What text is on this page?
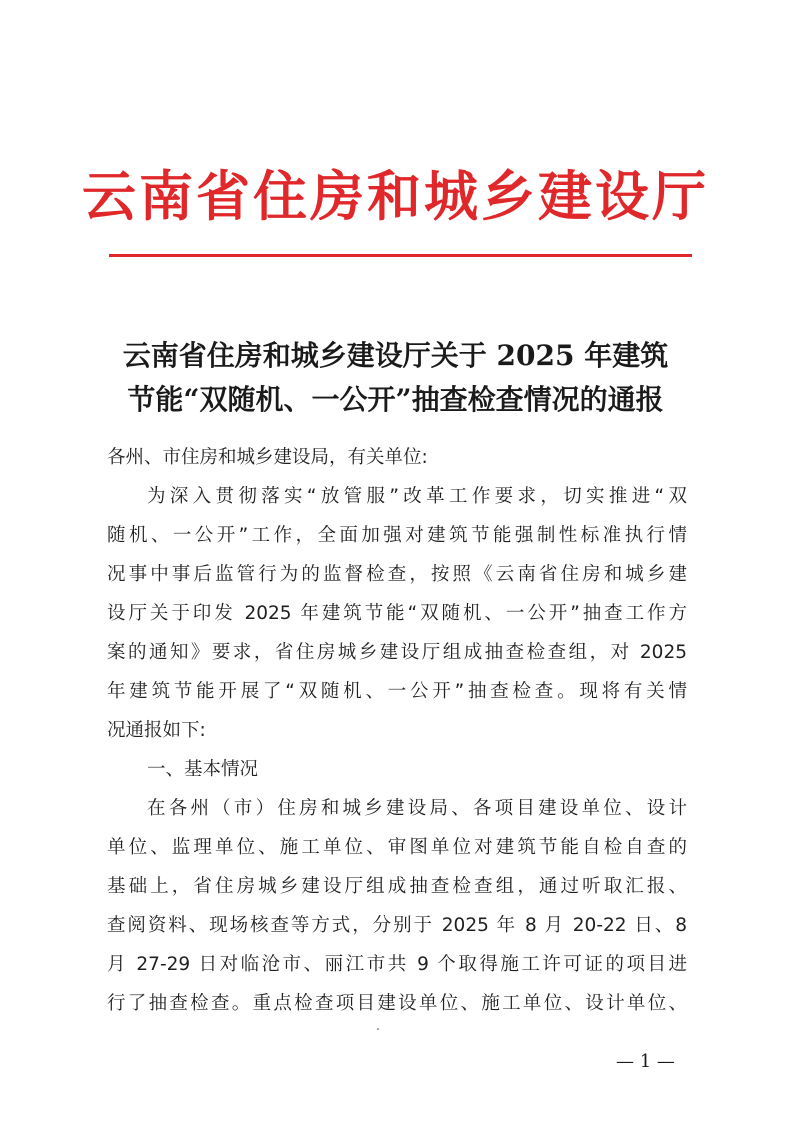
云南省住房和城乡建设厅
云南省住房和城乡建设厅关于 2025 年建筑
节能“双随机、一公开”抽查检查情况的通报
各州、市住房和城乡建设局，有关单位:
为深入贯彻落实“放管服”改革工作要求，切实推进“双
随机、一公开”工作，全面加强对建筑节能强制性标准执行情
况事中事后监管行为的监督检查，按照《云南省住房和城乡建
设厅关于印发 2025 年建筑节能“双随机、一公开”抽查工作方
案的通知》要求，省住房城乡建设厅组成抽查检查组，对 2025
年建筑节能开展了“双随机、一公开”抽查检查。现将有关情
况通报如下:
一、基本情况
在各州（市）住房和城乡建设局、各项目建设单位、设计
单位、监理单位、施工单位、审图单位对建筑节能自检自查的
基础上，省住房城乡建设厅组成抽查检查组，通过听取汇报、
查阅资料、现场核查等方式，分别于 2025 年 8 月 20-22 日、8
月 27-29 日对临沧市、丽江市共 9 个取得施工许可证的项目进
行了抽查检查。重点检查项目建设单位、施工单位、设计单位、
— 1 —
